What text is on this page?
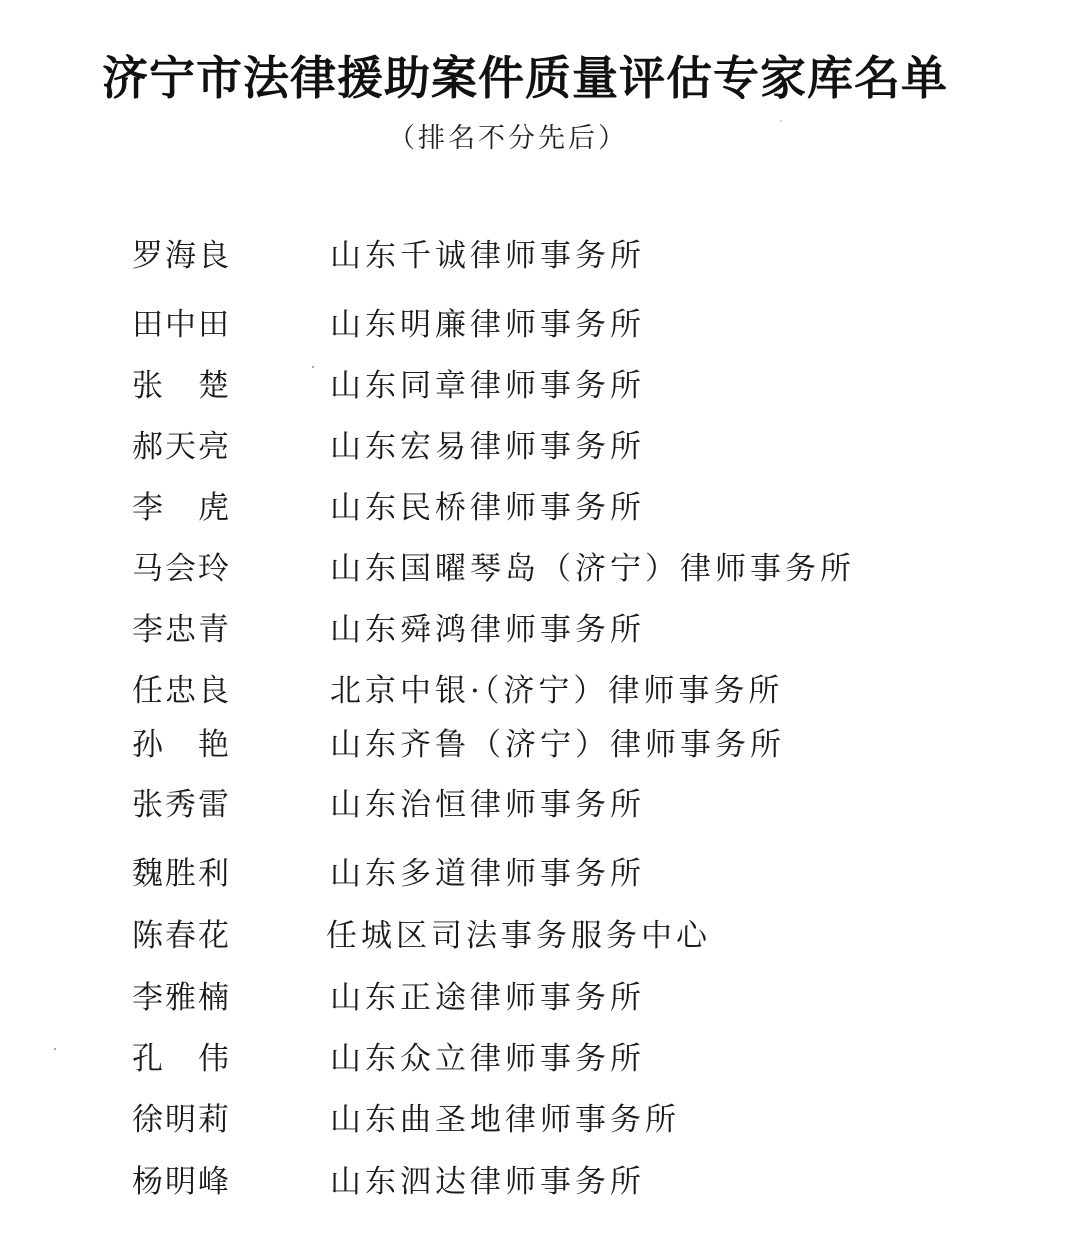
济宁市法律援助案件质量评估专家库名单
（排名不分先后）
罗海良	山东千诚律师事务所
田中田	山东明廉律师事务所
张　楚	山东同章律师事务所
郝天亮	山东宏易律师事务所
李　虎	山东民桥律师事务所
马会玲	山东国曜琴岛（济宁）律师事务所
李忠青	山东舜鸿律师事务所
任忠良	北京中银·（济宁）律师事务所
孙　艳	山东齐鲁（济宁）律师事务所
张秀雷	山东治恒律师事务所
魏胜利	山东多道律师事务所
陈春花	任城区司法事务服务中心
李雅楠	山东正途律师事务所
孔　伟	山东众立律师事务所
徐明莉	山东曲圣地律师事务所
杨明峰	山东泗达律师事务所
